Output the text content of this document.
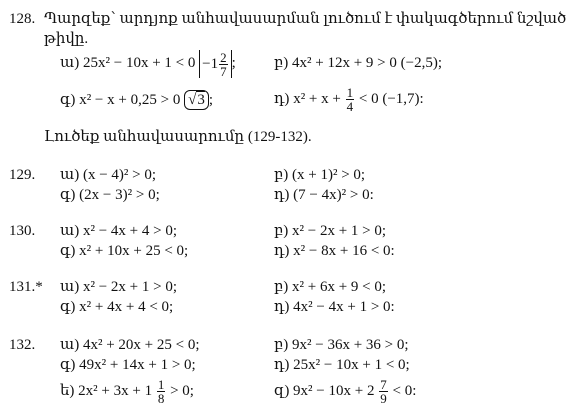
128. Պարզեք՝ արդյոք անհավասարման լուծում է փակագծերում նշված
թիվը.
ա) $25x^2 - 10x + 1 < 0 -1 \frac{2}{7}$ ;	բ) 4x² + 12x + 9 > 0 (−2,5);
գ) x² − x + 0,25 > 0 √3 ;	դ) $x^2 + x + \frac{1}{4} < 0$ (−1,7):
Լուծեք անհավասարումը (129-132).
129. ա) (x − 4)² > 0;	բ) (x + 1)² > 0;
գ) (2x − 3)² > 0;	դ) (7 − 4x)² > 0:
130. ա) x² − 4x + 4 > 0;	բ) x² − 2x + 1 > 0;
գ) x² + 10x + 25 < 0;	դ) x² − 8x + 16 < 0:
131.* ա) x² − 2x + 1 > 0;	բ) x² + 6x + 9 < 0;
գ) x² + 4x + 4 < 0;	դ) 4x² − 4x + 1 > 0:
132. ա) 4x² + 20x + 25 < 0;	բ) 9x² − 36x + 36 > 0;
գ) 49x² + 14x + 1 > 0;	դ) 25x² − 10x + 1 < 0;
ե) $2x^2 + 3x + 1 \frac{1}{8} > 0$;	զ) $9x^2 - 10x + 2 \frac{7}{9} < 0$:
